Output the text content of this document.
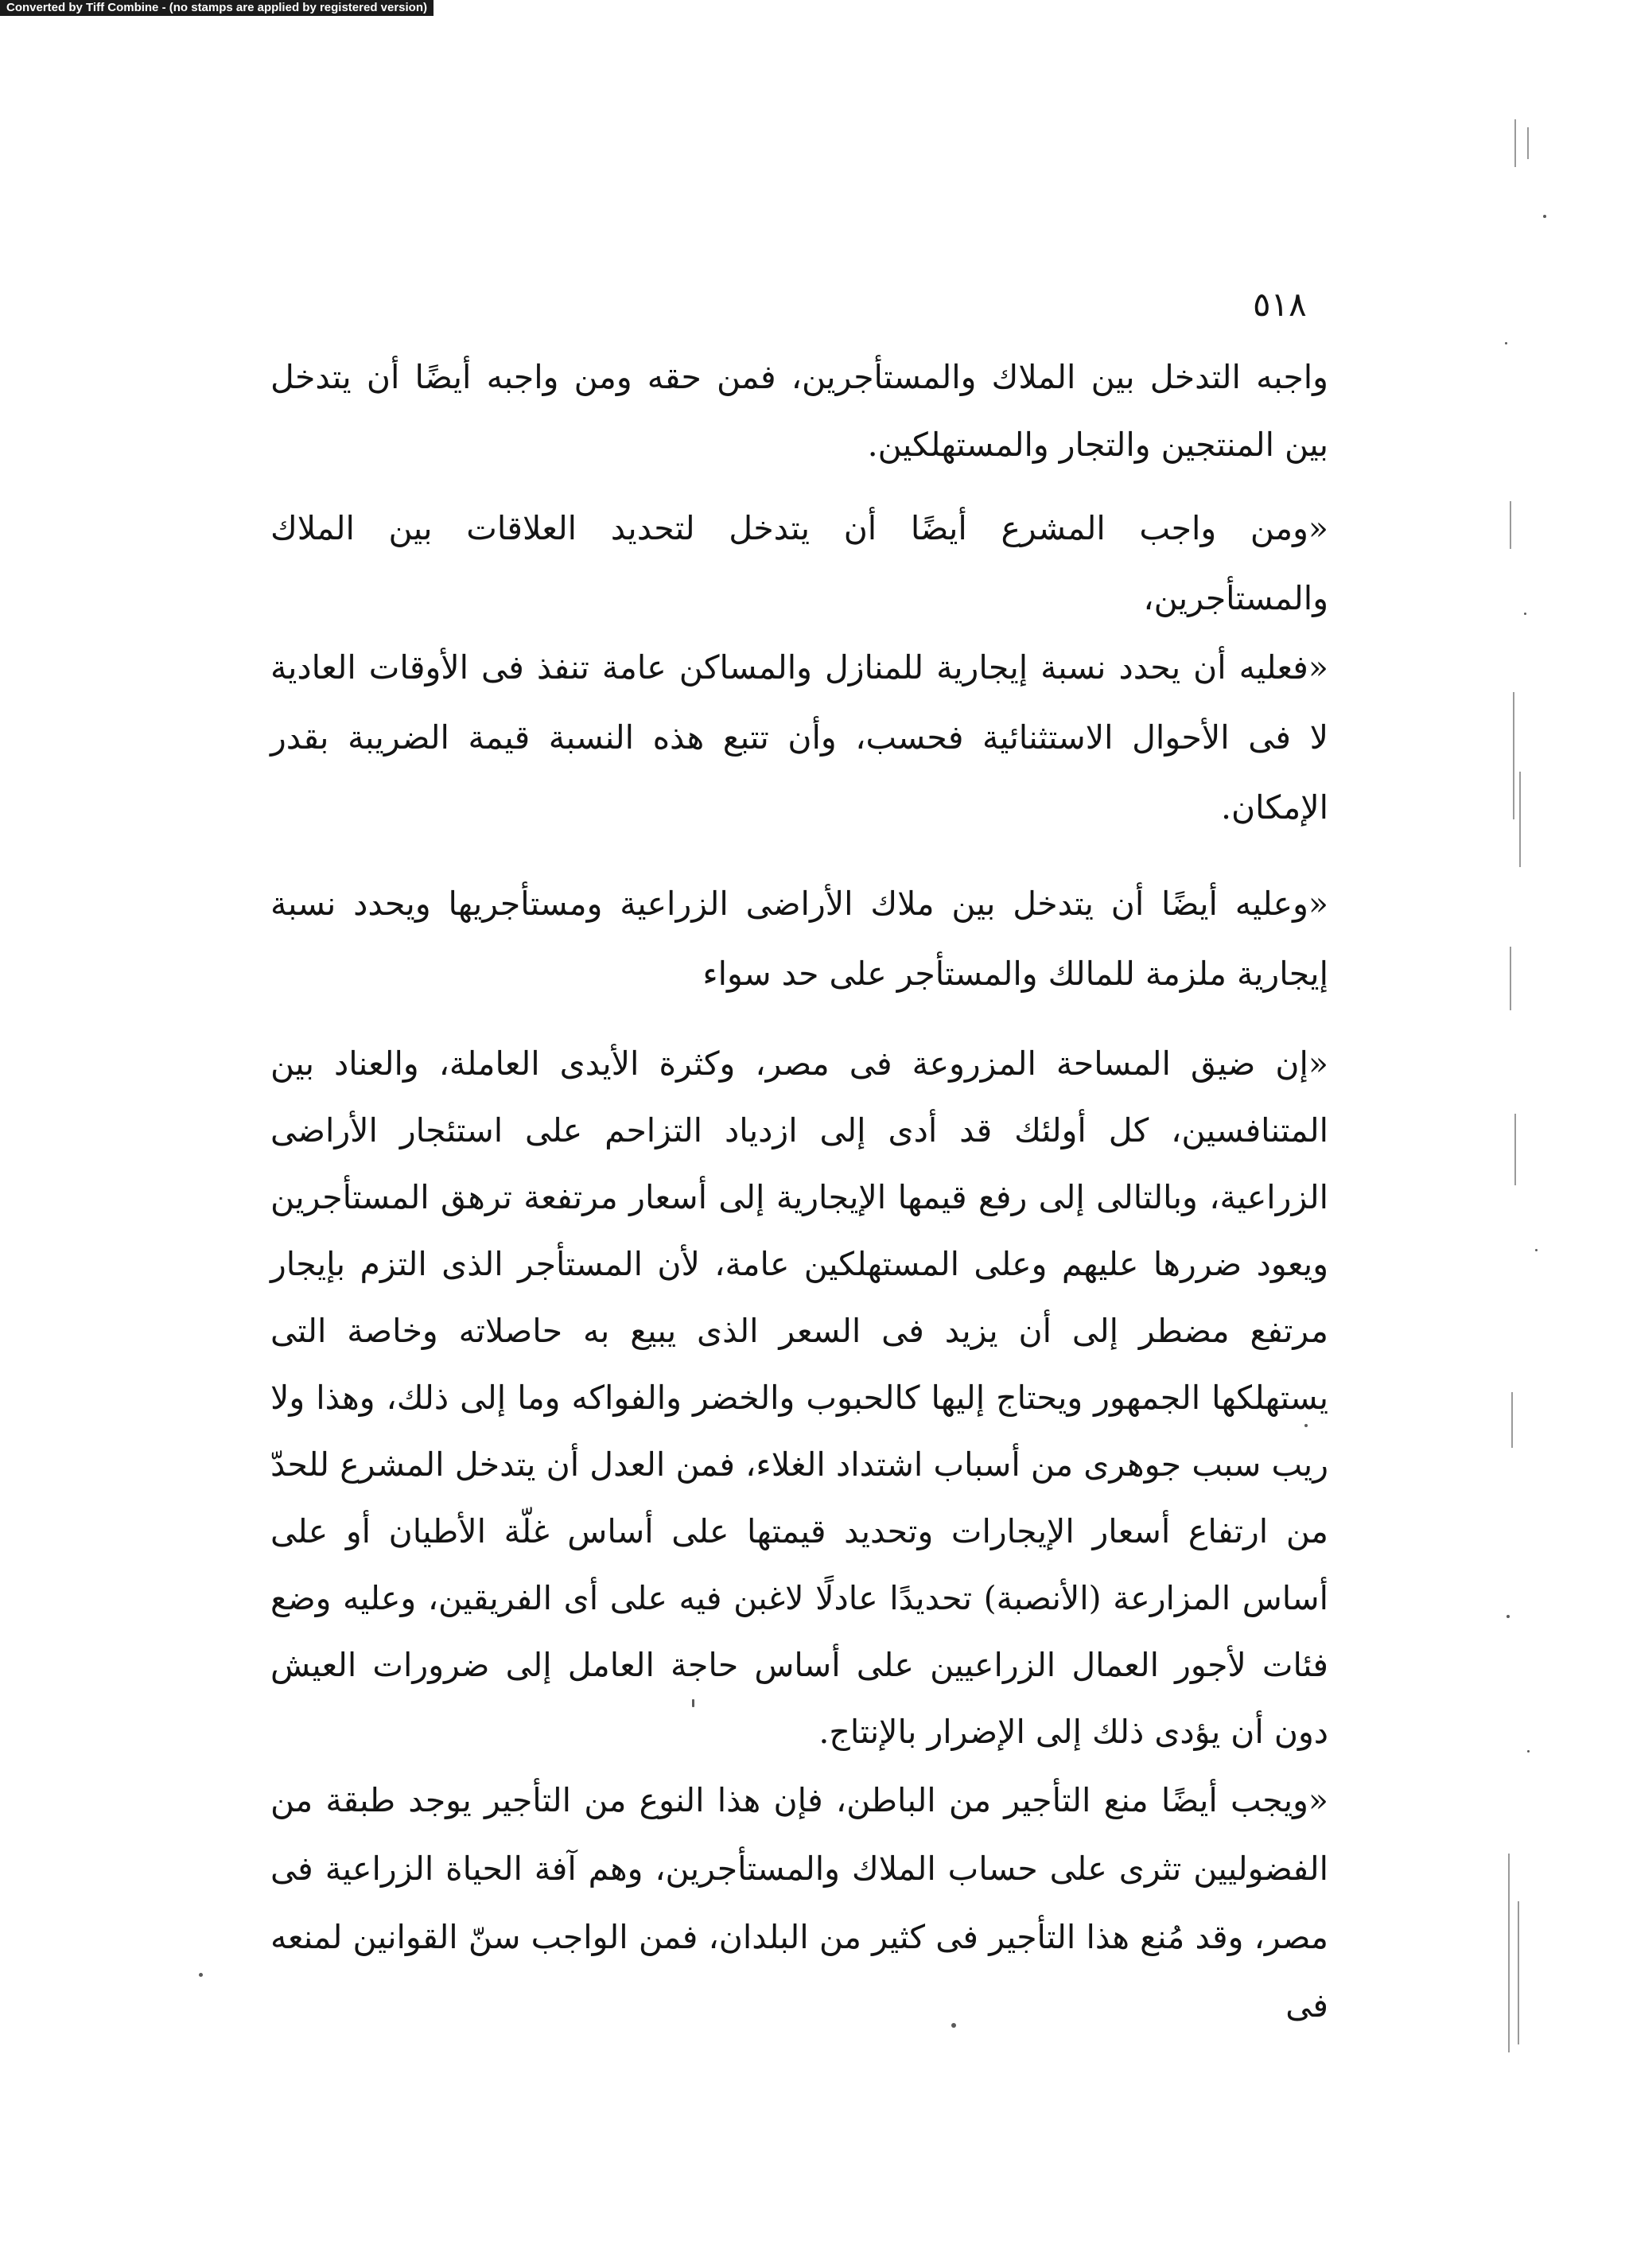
Converted by Tiff Combine - (no stamps are applied by registered version)
٥١٨

واجبه التدخل بين الملاك والمستأجرين، فمن حقه ومن واجبه أيضًا أن يتدخل بين المنتجين والتجار والمستهلكين.

«ومن واجب المشرع أيضًا أن يتدخل لتحديد العلاقات بين الملاك والمستأجرين،

«فعليه أن يحدد نسبة إيجارية للمنازل والمساكن عامة تنفذ فى الأوقات العادية لا فى الأحوال الاستثنائية فحسب، وأن تتبع هذه النسبة قيمة الضريبة بقدر الإمكان.

«وعليه أيضًا أن يتدخل بين ملاك الأراضى الزراعية ومستأجريها ويحدد نسبة إيجارية ملزمة للمالك والمستأجر على حد سواء

«إن ضيق المساحة المزروعة فى مصر، وكثرة الأيدى العاملة، والعناد بين المتنافسين، كل أولئك قد أدى إلى ازدياد التزاحم على استئجار الأراضى الزراعية، وبالتالى إلى رفع قيمها الإيجارية إلى أسعار مرتفعة ترهق المستأجرين ويعود ضررها عليهم وعلى المستهلكين عامة، لأن المستأجر الذى التزم بإيجار مرتفع مضطر إلى أن يزيد فى السعر الذى يبيع به حاصلاته وخاصة التى يستهلكها الجمهور ويحتاج إليها كالحبوب والخضر والفواكه وما إلى ذلك، وهذا ولا ريب سبب جوهرى من أسباب اشتداد الغلاء، فمن العدل أن يتدخل المشرع للحدّ من ارتفاع أسعار الإيجارات وتحديد قيمتها على أساس غلّة الأطيان أو على أساس المزارعة (الأنصبة) تحديدًا عادلًا لاغبن فيه على أى الفريقين، وعليه وضع فئات لأجور العمال الزراعيين على أساس حاجة العامل إلى ضرورات العيش دون أن يؤدى ذلك إلى الإضرار بالإنتاج.

«ويجب أيضًا منع التأجير من الباطن، فإن هذا النوع من التأجير يوجد طبقة من الفضوليين تثرى على حساب الملاك والمستأجرين، وهم آفة الحياة الزراعية فى مصر، وقد مُنع هذا التأجير فى كثير من البلدان، فمن الواجب سنّ القوانين لمنعه فى
